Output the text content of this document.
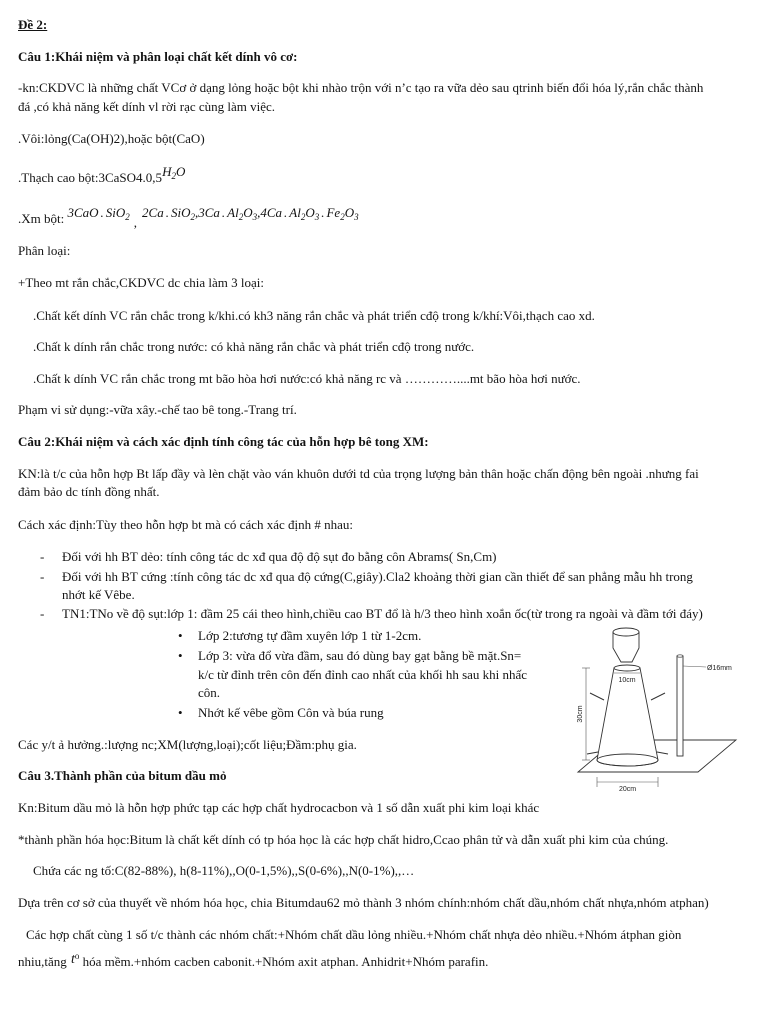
Đề 2:
Câu 1:Khái niệm và phân loại chất kết dính vô cơ:
-kn:CKDVC là những chất VCơ ở dạng lỏng hoặc bột khi nhào trộn với n’c tạo ra vữa dẻo sau qtrinh biến đổi hóa lý,rắn chắc thành
đá ,có khả năng kết dính vl rời rạc cùng làm việc.
.Vôi:lỏng(Ca(OH)2),hoặc bột(CaO)
.Thạch cao $bột:3CaSO4.0,5H_2O$
.Xm bột: 3CaO . SiO$_2$ ,2Ca . SiO$_2$,3Ca . $Al_2O_3,4Ca$ . $Al_2O_3$ . $Fe_2O_3$
Phân loại:
+Theo mt rắn chắc,CKDVC dc chia làm 3 loại:
.Chất kết dính VC rắn chắc trong k/khi.có kh3 năng rắn chắc và phát triển cđộ trong k/khí:Vôi,thạch cao xd.
.Chất k dính rắn chắc trong nước: có khả năng rắn chắc và phát triển cđộ trong nước.
.Chất k dính VC rắn chắc trong mt bão hòa hơi nước:có khả năng rc và …………....mt bão hòa hơi nước.
Phạm vi sử dụng:-vữa xây.-chế tao bê tong.-Trang trí.
Câu 2:Khái niệm và cách xác định tính công tác của hỗn hợp bê tong XM:
KN:là t/c của hỗn hợp Bt lấp đầy và lèn chặt vào ván khuôn dưới td của trọng lượng bản thân hoặc chấn động bên ngoài .nhưng fai
đảm bảo dc tính đồng nhất.
Cách xác định:Tùy theo hỗn hợp bt mà có cách xác định # nhau:
- Đối với hh BT dẻo: tính công tác dc xđ qua độ độ sụt đo bằng côn Abrams( Sn,Cm)
- Đối với hh BT cứng :tính công tác dc xđ qua độ cứng(C,giây).Cla2 khoảng thời gian cần thiết để san phẳng mẫu hh trong
nhớt kế Vêbe.
- TN1:TNo về độ sụt:lớp 1: đầm 25 cái theo hình,chiều cao BT đổ là h/3 theo hình xoắn ốc(từ trong ra ngoài và đầm tới đáy)
• Lớp 2:tương tự đầm xuyên lớp 1 từ 1-2cm.
• Lớp 3: vừa đổ vừa đầm, sau đó dùng bay gạt bằng bề mặt.Sn=
k/c từ đỉnh trên côn đến đỉnh cao nhất của khối hh sau khi nhấc
côn.
• Nhớt kế vêbe gồm Côn và búa rung
Các y/t ả hưởng.:lượng nc;XM(lượng,loại);cốt liệu;Đầm:phụ gia.
10cm
30cm
20cm
Ø16mm
Câu 3.Thành phần của bitum dầu mỏ
Kn:Bitum dầu mỏ là hỗn hợp phức tạp các hợp chất hydrocacbon và 1 số dẫn xuất phi kim loại khác
*thành phần hóa học:Bitum là chất kết dính có tp hóa học là các hợp chất hidro,Ccao phân tử và dẫn xuất phi kim của chúng.
Chứa các ng tố:C(82-88%), h(8-11%),,O(0-1,5%),,S(0-6%),,N(0-1%),,…
Dựa trên cơ sở của thuyết về nhóm hóa học, chia Bitumdau62 mỏ thành 3 nhóm chính:nhóm chất dầu,nhóm chất nhựa,nhóm atphan)
Các hợp chất cùng 1 số t/c thành các nhóm chất:+Nhóm chất dầu lỏng nhiều.+Nhóm chất nhựa dẻo nhiều.+Nhóm átphan giòn
nhiu,tăng $t^o$ hóa mềm.+nhóm cacben cabonit.+Nhóm axit atphan. Anhidrit+Nhóm parafin.
